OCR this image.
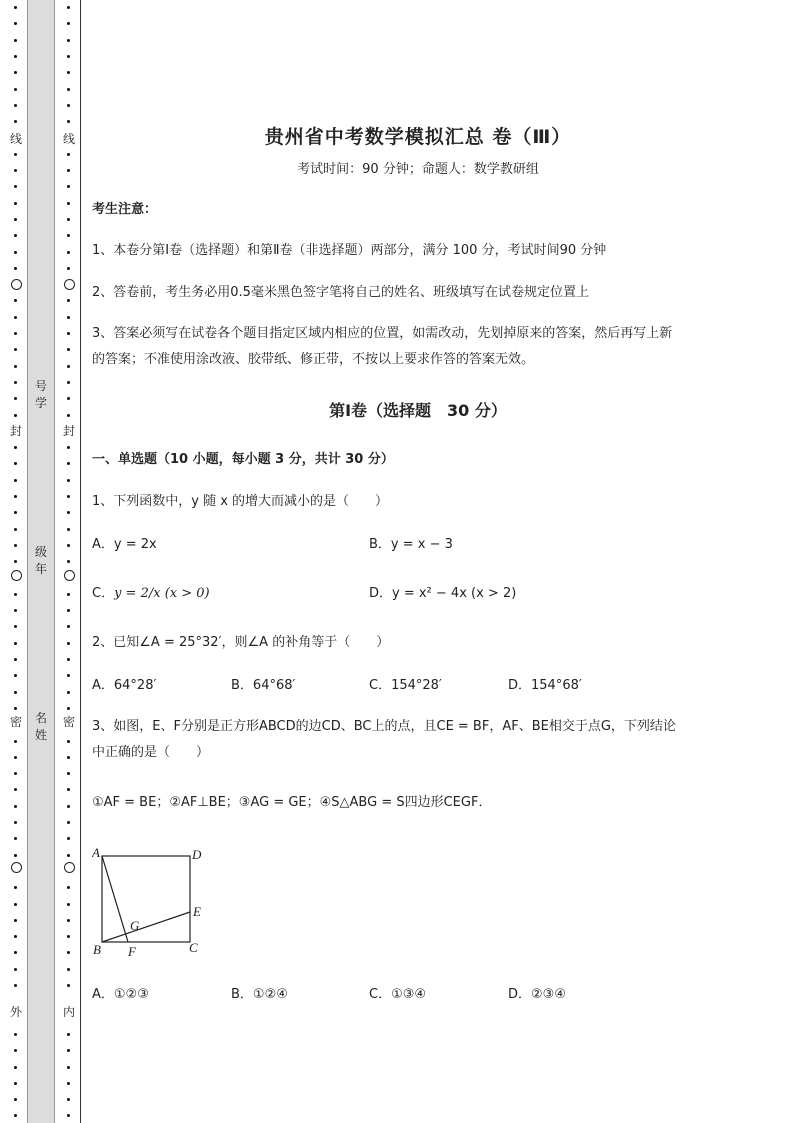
线
封
密
外
号学
级年
名姓
线
封
密
内
贵州省中考数学模拟汇总 卷（Ⅲ）
考试时间：90 分钟；命题人：数学教研组
考生注意：
1、本卷分第Ⅰ卷（选择题）和第Ⅱ卷（非选择题）两部分，满分 100 分，考试时间90 分钟
2、答卷前，考生务必用0.5毫米黑色签字笔将自己的姓名、班级填写在试卷规定位置上
3、答案必须写在试卷各个题目指定区域内相应的位置，如需改动，先划掉原来的答案，然后再写上新
的答案；不准使用涂改液、胶带纸、修正带，不按以上要求作答的答案无效。
第Ⅰ卷（选择题　30 分）
一、单选题（10 小题，每小题 3 分，共计 30 分）
1、下列函数中，y 随 x 的增大而减小的是（　　）
A．y = 2x	B．y = x − 3
C．y = 2/x (x > 0)	D．y = x² − 4x (x > 2)
2、已知∠A = 25°32′，则∠A 的补角等于（　　）
A．64°28′	B．64°68′	C．154°28′	D．154°68′
3、如图，E、F分别是正方形ABCD的边CD、BC上的点，且CE = BF，AF、BE相交于点G，下列结论
中正确的是（　　）
①AF = BE；②AF⊥BE；③AG = GE；④S△ABG = S四边形CEGF．
A．①②③	B．①②④	C．①③④	D．②③④
A	D
B	C
E
F
G
